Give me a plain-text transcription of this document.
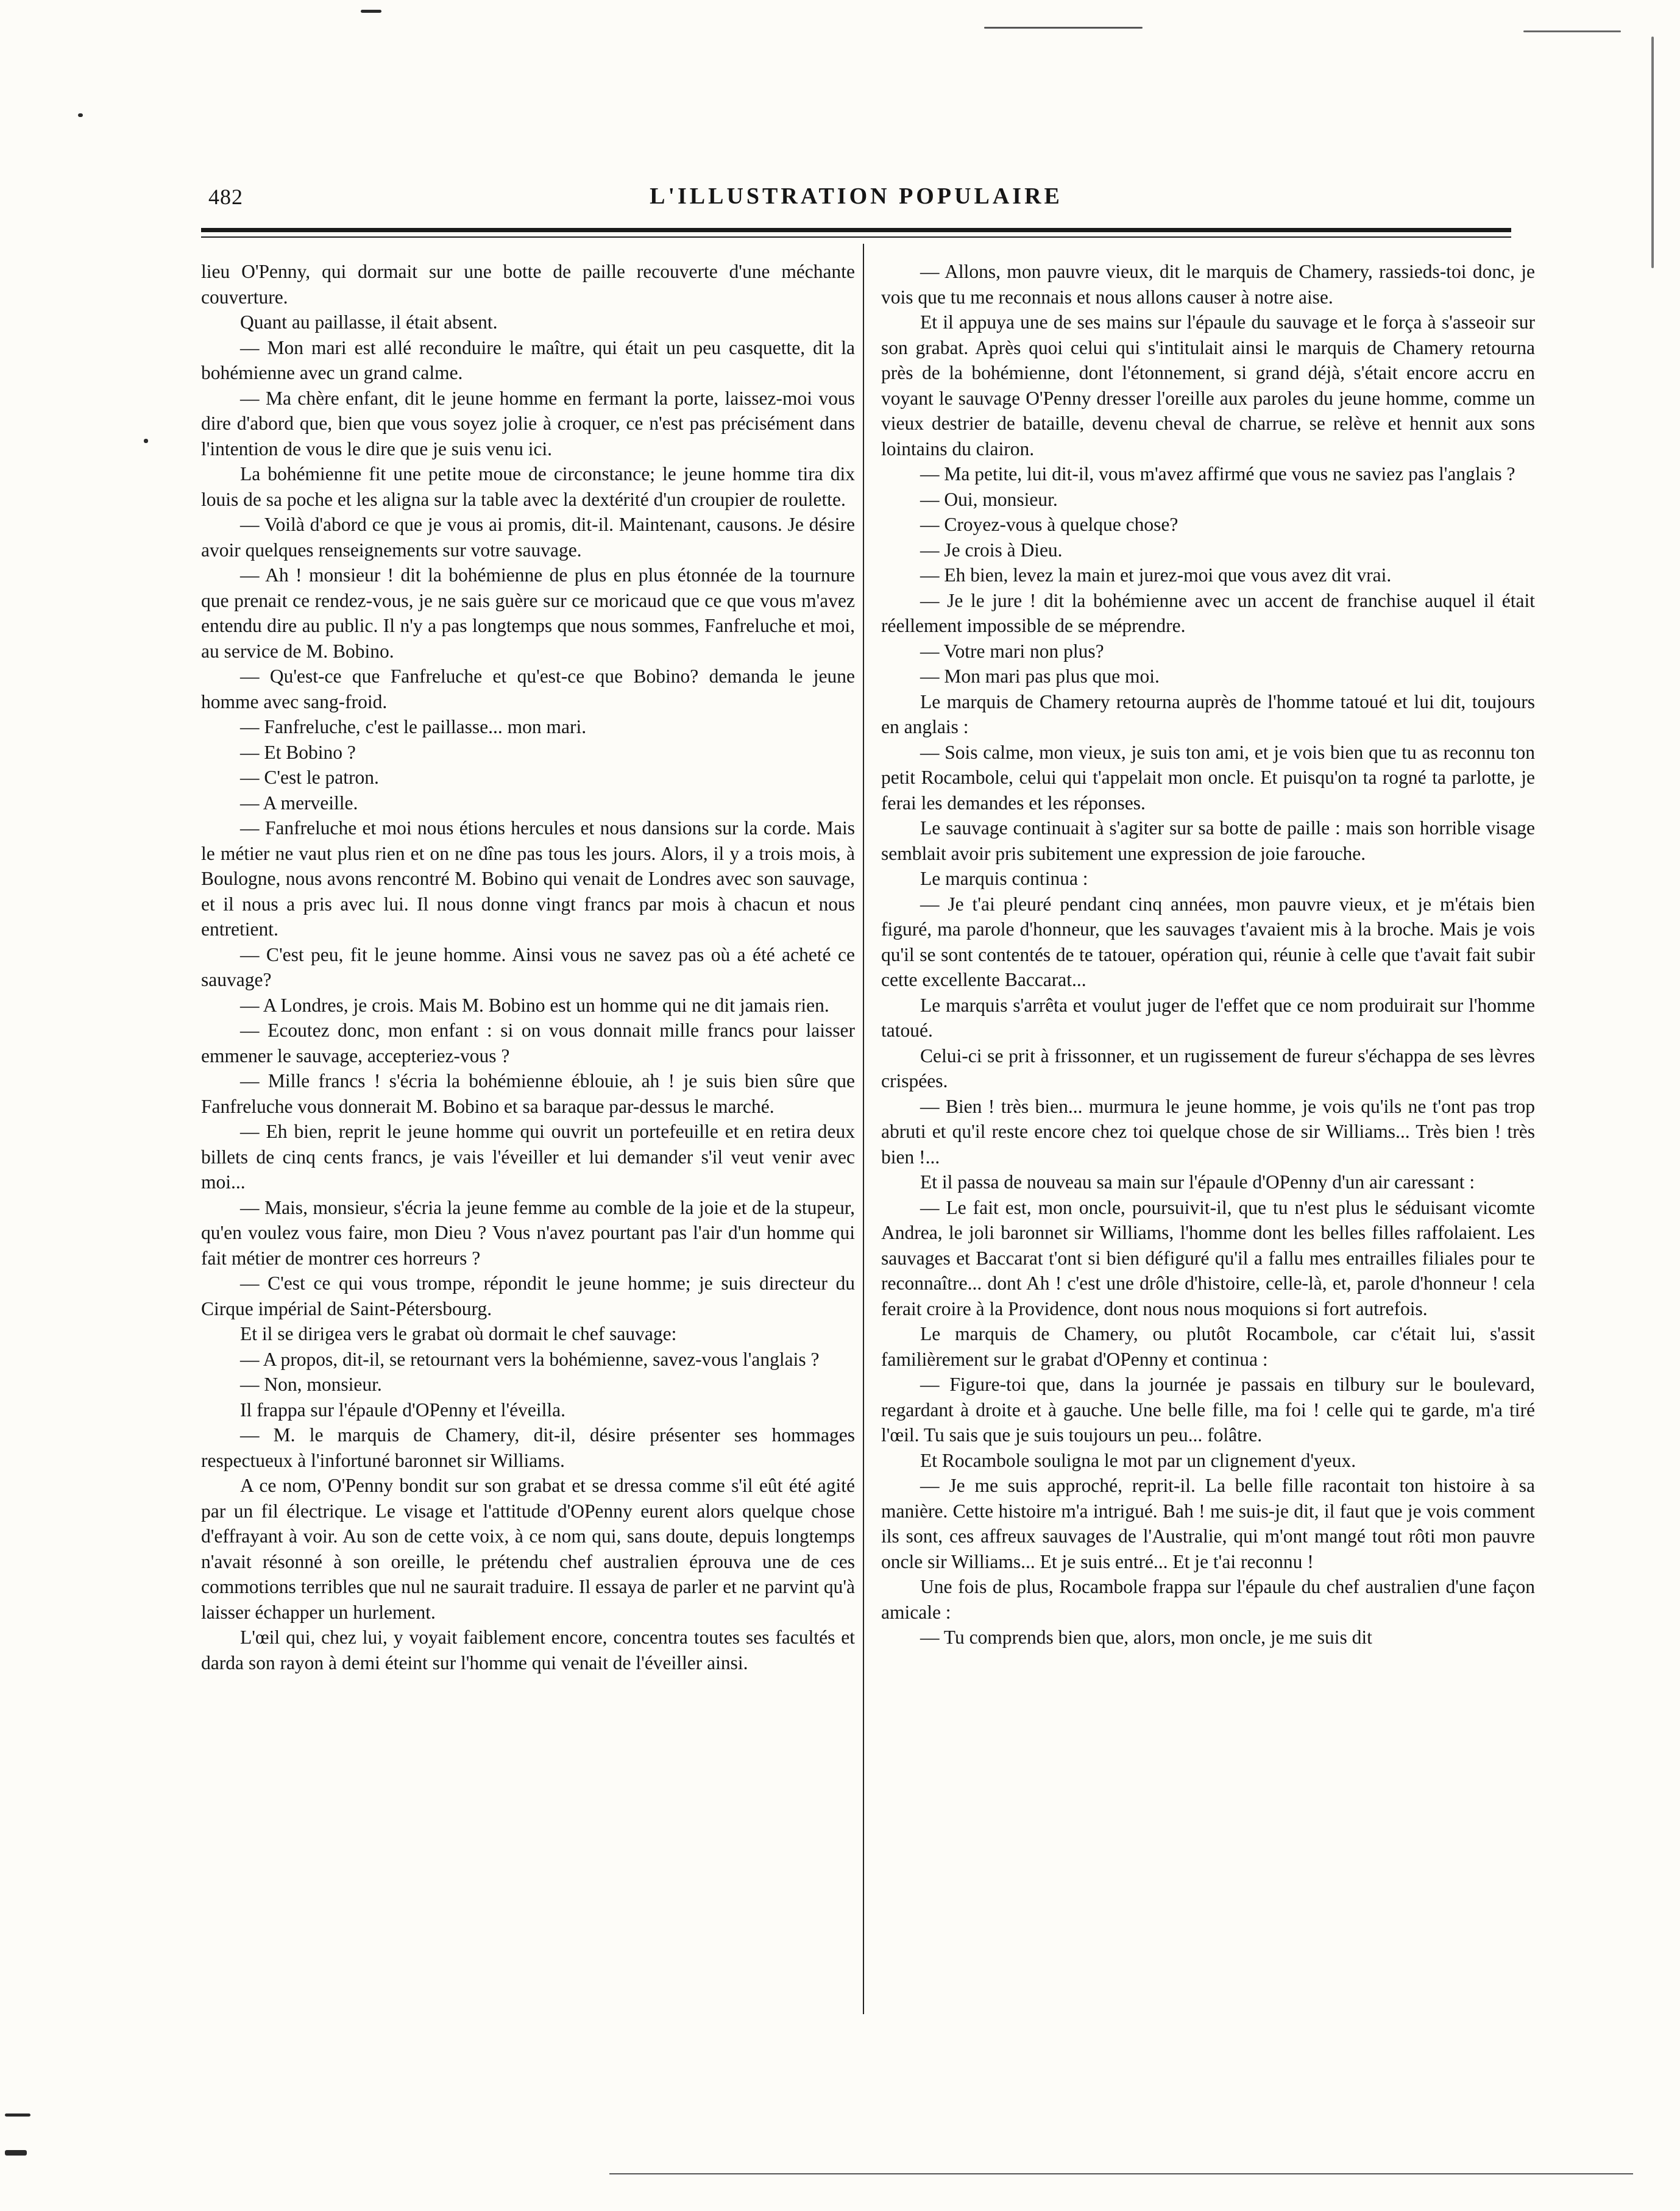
482	L'ILLUSTRATION POPULAIRE

lieu O'Penny, qui dormait sur une botte de paille recouverte d'une méchante couverture.

Quant au paillasse, il était absent.

— Mon mari est allé reconduire le maître, qui était un peu casquette, dit la bohémienne avec un grand calme.

— Ma chère enfant, dit le jeune homme en fermant la porte, laissez-moi vous dire d'abord que, bien que vous soyez jolie à croquer, ce n'est pas précisément dans l'intention de vous le dire que je suis venu ici.

La bohémienne fit une petite moue de circonstance; le jeune homme tira dix louis de sa poche et les aligna sur la table avec la dextérité d'un croupier de roulette.

— Voilà d'abord ce que je vous ai promis, dit-il. Maintenant, causons. Je désire avoir quelques renseignements sur votre sauvage.

— Ah ! monsieur ! dit la bohémienne de plus en plus étonnée de la tournure que prenait ce rendez-vous, je ne sais guère sur ce moricaud que ce que vous m'avez entendu dire au public. Il n'y a pas longtemps que nous sommes, Fanfreluche et moi, au service de M. Bobino.

— Qu'est-ce que Fanfreluche et qu'est-ce que Bobino? demanda le jeune homme avec sang-froid.

— Fanfreluche, c'est le paillasse... mon mari.

— Et Bobino ?

— C'est le patron.

— A merveille.

— Fanfreluche et moi nous étions hercules et nous dansions sur la corde. Mais le métier ne vaut plus rien et on ne dîne pas tous les jours. Alors, il y a trois mois, à Boulogne, nous avons rencontré M. Bobino qui venait de Londres avec son sauvage, et il nous a pris avec lui. Il nous donne vingt francs par mois à chacun et nous entretient.

— C'est peu, fit le jeune homme. Ainsi vous ne savez pas où a été acheté ce sauvage?

— A Londres, je crois. Mais M. Bobino est un homme qui ne dit jamais rien.

— Ecoutez donc, mon enfant : si on vous donnait mille francs pour laisser emmener le sauvage, accepteriez-vous ?

— Mille francs ! s'écria la bohémienne éblouie, ah ! je suis bien sûre que Fanfreluche vous donnerait M. Bobino et sa baraque par-dessus le marché.

— Eh bien, reprit le jeune homme qui ouvrit un portefeuille et en retira deux billets de cinq cents francs, je vais l'éveiller et lui demander s'il veut venir avec moi...

— Mais, monsieur, s'écria la jeune femme au comble de la joie et de la stupeur, qu'en voulez vous faire, mon Dieu ? Vous n'avez pourtant pas l'air d'un homme qui fait métier de montrer ces horreurs ?

— C'est ce qui vous trompe, répondit le jeune homme; je suis directeur du Cirque impérial de Saint-Pétersbourg.

Et il se dirigea vers le grabat où dormait le chef sauvage:

— A propos, dit-il, se retournant vers la bohémienne, savez-vous l'anglais ?

— Non, monsieur.

Il frappa sur l'épaule d'OPenny et l'éveilla.

— M. le marquis de Chamery, dit-il, désire présenter ses hommages respectueux à l'infortuné baronnet sir Williams.

A ce nom, O'Penny bondit sur son grabat et se dressa comme s'il eût été agité par un fil électrique. Le visage et l'attitude d'OPenny eurent alors quelque chose d'effrayant à voir. Au son de cette voix, à ce nom qui, sans doute, depuis longtemps n'avait résonné à son oreille, le prétendu chef australien éprouva une de ces commotions terribles que nul ne saurait traduire. Il essaya de parler et ne parvint qu'à laisser échapper un hurlement.

L'œil qui, chez lui, y voyait faiblement encore, concentra toutes ses facultés et darda son rayon à demi éteint sur l'homme qui venait de l'éveiller ainsi.

— Allons, mon pauvre vieux, dit le marquis de Chamery, rassieds-toi donc, je vois que tu me reconnais et nous allons causer à notre aise.

Et il appuya une de ses mains sur l'épaule du sauvage et le força à s'asseoir sur son grabat. Après quoi celui qui s'intitulait ainsi le marquis de Chamery retourna près de la bohémienne, dont l'étonnement, si grand déjà, s'était encore accru en voyant le sauvage O'Penny dresser l'oreille aux paroles du jeune homme, comme un vieux destrier de bataille, devenu cheval de charrue, se relève et hennit aux sons lointains du clairon.

— Ma petite, lui dit-il, vous m'avez affirmé que vous ne saviez pas l'anglais ?

— Oui, monsieur.

— Croyez-vous à quelque chose?

— Je crois à Dieu.

— Eh bien, levez la main et jurez-moi que vous avez dit vrai.

— Je le jure ! dit la bohémienne avec un accent de franchise auquel il était réellement impossible de se méprendre.

— Votre mari non plus?

— Mon mari pas plus que moi.

Le marquis de Chamery retourna auprès de l'homme tatoué et lui dit, toujours en anglais :

— Sois calme, mon vieux, je suis ton ami, et je vois bien que tu as reconnu ton petit Rocambole, celui qui t'appelait mon oncle. Et puisqu'on ta rogné ta parlotte, je ferai les demandes et les réponses.

Le sauvage continuait à s'agiter sur sa botte de paille : mais son horrible visage semblait avoir pris subitement une expression de joie farouche.

Le marquis continua :

— Je t'ai pleuré pendant cinq années, mon pauvre vieux, et je m'étais bien figuré, ma parole d'honneur, que les sauvages t'avaient mis à la broche. Mais je vois qu'il se sont contentés de te tatouer, opération qui, réunie à celle que t'avait fait subir cette excellente Baccarat...

Le marquis s'arrêta et voulut juger de l'effet que ce nom produirait sur l'homme tatoué.

Celui-ci se prit à frissonner, et un rugissement de fureur s'échappa de ses lèvres crispées.

— Bien ! très bien... murmura le jeune homme, je vois qu'ils ne t'ont pas trop abruti et qu'il reste encore chez toi quelque chose de sir Williams... Très bien ! très bien !...

Et il passa de nouveau sa main sur l'épaule d'OPenny d'un air caressant :

— Le fait est, mon oncle, poursuivit-il, que tu n'est plus le séduisant vicomte Andrea, le joli baronnet sir Williams, l'homme dont les belles filles raffolaient. Les sauvages et Baccarat t'ont si bien défiguré qu'il a fallu mes entrailles filiales pour te reconnaître... dont Ah ! c'est une drôle d'histoire, celle-là, et, parole d'honneur ! cela ferait croire à la Providence, dont nous nous moquions si fort autrefois.

Le marquis de Chamery, ou plutôt Rocambole, car c'était lui, s'assit familièrement sur le grabat d'OPenny et continua :

— Figure-toi que, dans la journée je passais en tilbury sur le boulevard, regardant à droite et à gauche. Une belle fille, ma foi ! celle qui te garde, m'a tiré l'œil. Tu sais que je suis toujours un peu... folâtre.

Et Rocambole souligna le mot par un clignement d'yeux.

— Je me suis approché, reprit-il. La belle fille racontait ton histoire à sa manière. Cette histoire m'a intrigué. Bah ! me suis-je dit, il faut que je vois comment ils sont, ces affreux sauvages de l'Australie, qui m'ont mangé tout rôti mon pauvre oncle sir Williams... Et je suis entré... Et je t'ai reconnu !

Une fois de plus, Rocambole frappa sur l'épaule du chef australien d'une façon amicale :

— Tu comprends bien que, alors, mon oncle, je me suis dit
